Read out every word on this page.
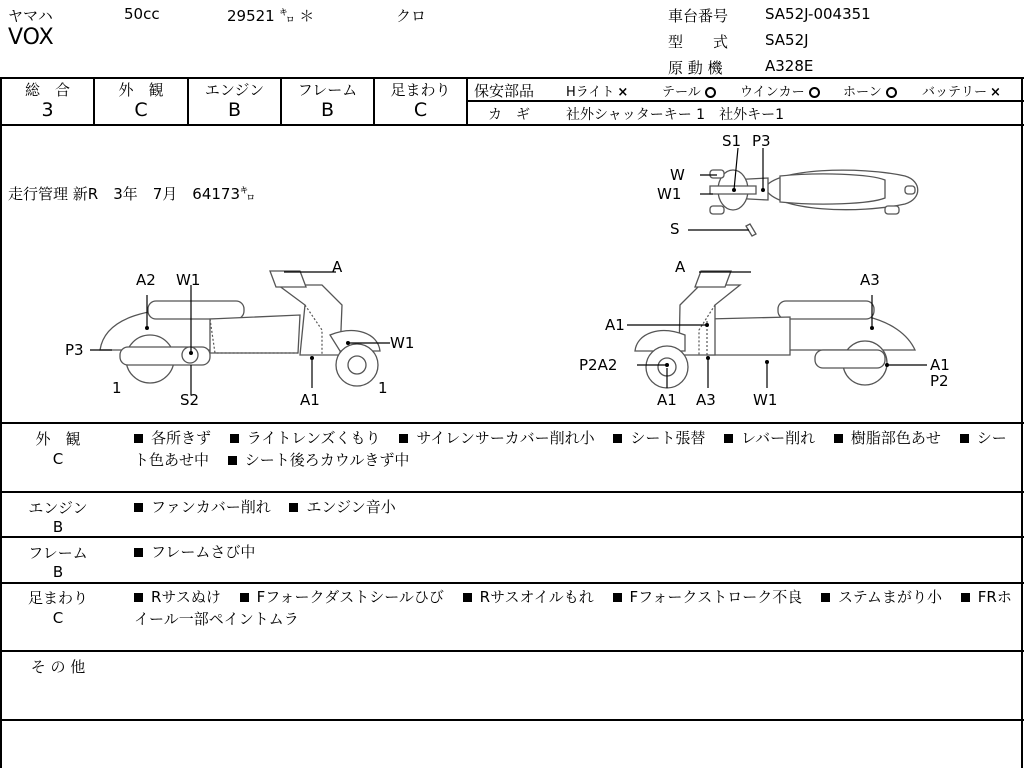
ヤマハ	50cc	29521 ㌔ ＊	クロ
VOX
車台番号 SA52J-004351
型　　式 SA52J
原 動 機	A328E
総　合
3
外　観
C
エンジン
B
フレーム
B
足まわり
C
保安部品 Hライト ×	テール	ウインカー	ホーン	バッテリー ×
カ　ギ	社外シャッターキー 1　社外キー1
走行管理 新R　3年　7月　64173㌔
S1 P3
W
W1
S
A2 W1
A
P3	W1
1
S2	A1
1
A
A3
A1
P2A2	A1
P2
A1 A3 W1
外　観
C
各所きず ライトレンズくもり サイレンサーカバー削れ小 シート張替 レバー削れ 樹脂部色あせ シート色あせ中 シート後ろカウルきず中
エンジン
B
ファンカバー削れ エンジン音小
フレーム
B
フレームさび中
足まわり
C
Rサスぬけ Fフォークダストシールひび Rサスオイルもれ Fフォークストローク不良 ステムまがり小 FRホイール一部ペイントムラ
そ の 他
